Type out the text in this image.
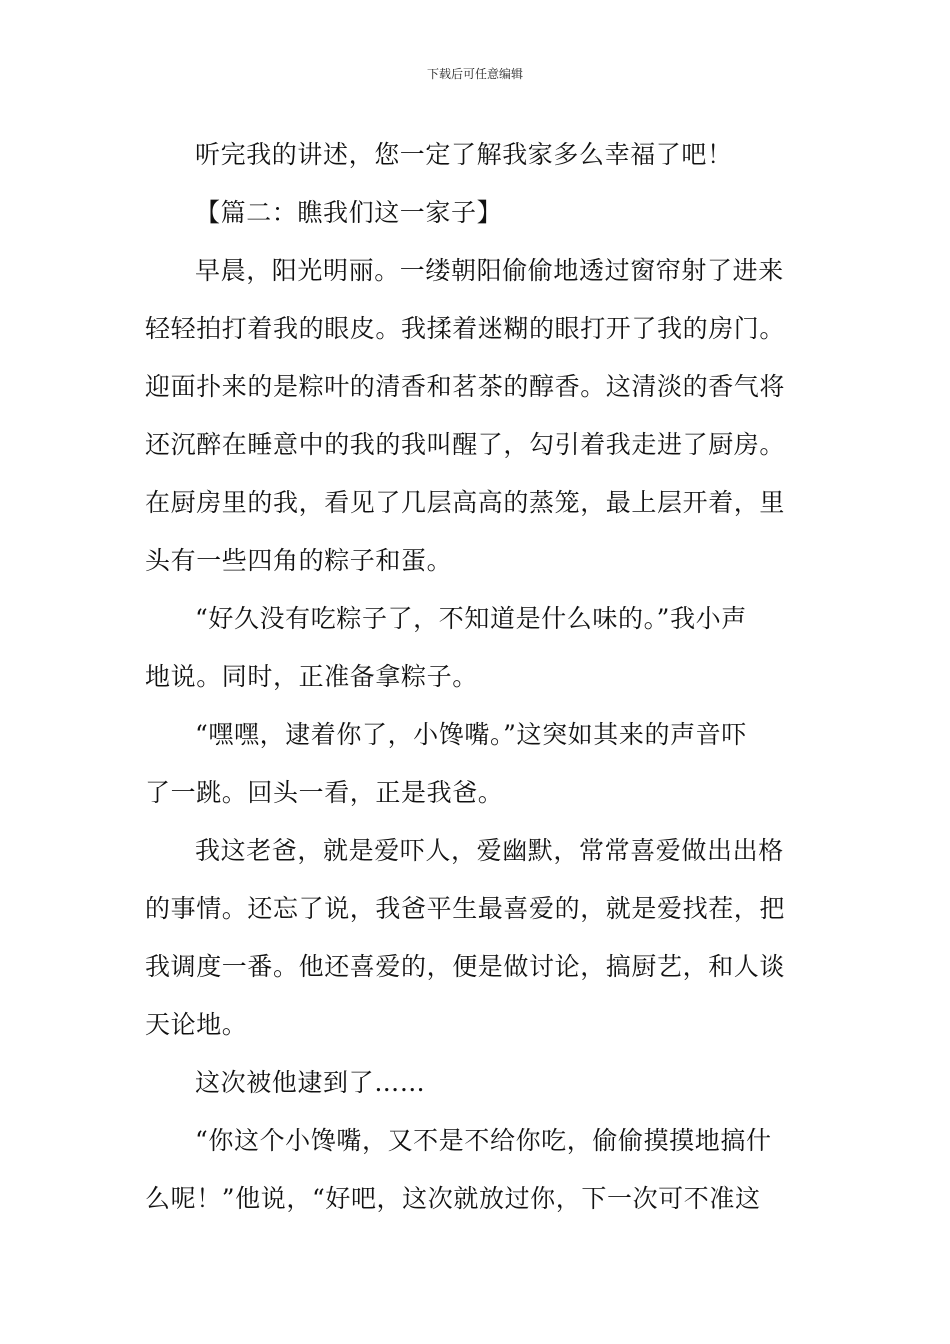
下载后可任意编辑
听完我的讲述，您一定了解我家多么幸福了吧！
【篇二：瞧我们这一家子】
早晨，阳光明丽。一缕朝阳偷偷地透过窗帘射了进来
轻轻拍打着我的眼皮。我揉着迷糊的眼打开了我的房门。
迎面扑来的是粽叶的清香和茗茶的醇香。这清淡的香气将
还沉醉在睡意中的我的我叫醒了，勾引着我走进了厨房。
在厨房里的我，看见了几层高高的蒸笼，最上层开着，里
头有一些四角的粽子和蛋。
“好久没有吃粽子了，不知道是什么味的。”我小声
地说。同时，正准备拿粽子。
“嘿嘿，逮着你了，小馋嘴。”这突如其来的声音吓
了一跳。回头一看，正是我爸。
我这老爸，就是爱吓人，爱幽默，常常喜爱做出出格
的事情。还忘了说，我爸平生最喜爱的，就是爱找茬，把
我调度一番。他还喜爱的，便是做讨论，搞厨艺，和人谈
天论地。
这次被他逮到了……
“你这个小馋嘴，又不是不给你吃，偷偷摸摸地搞什
么呢！”他说，“好吧，这次就放过你，下一次可不准这
